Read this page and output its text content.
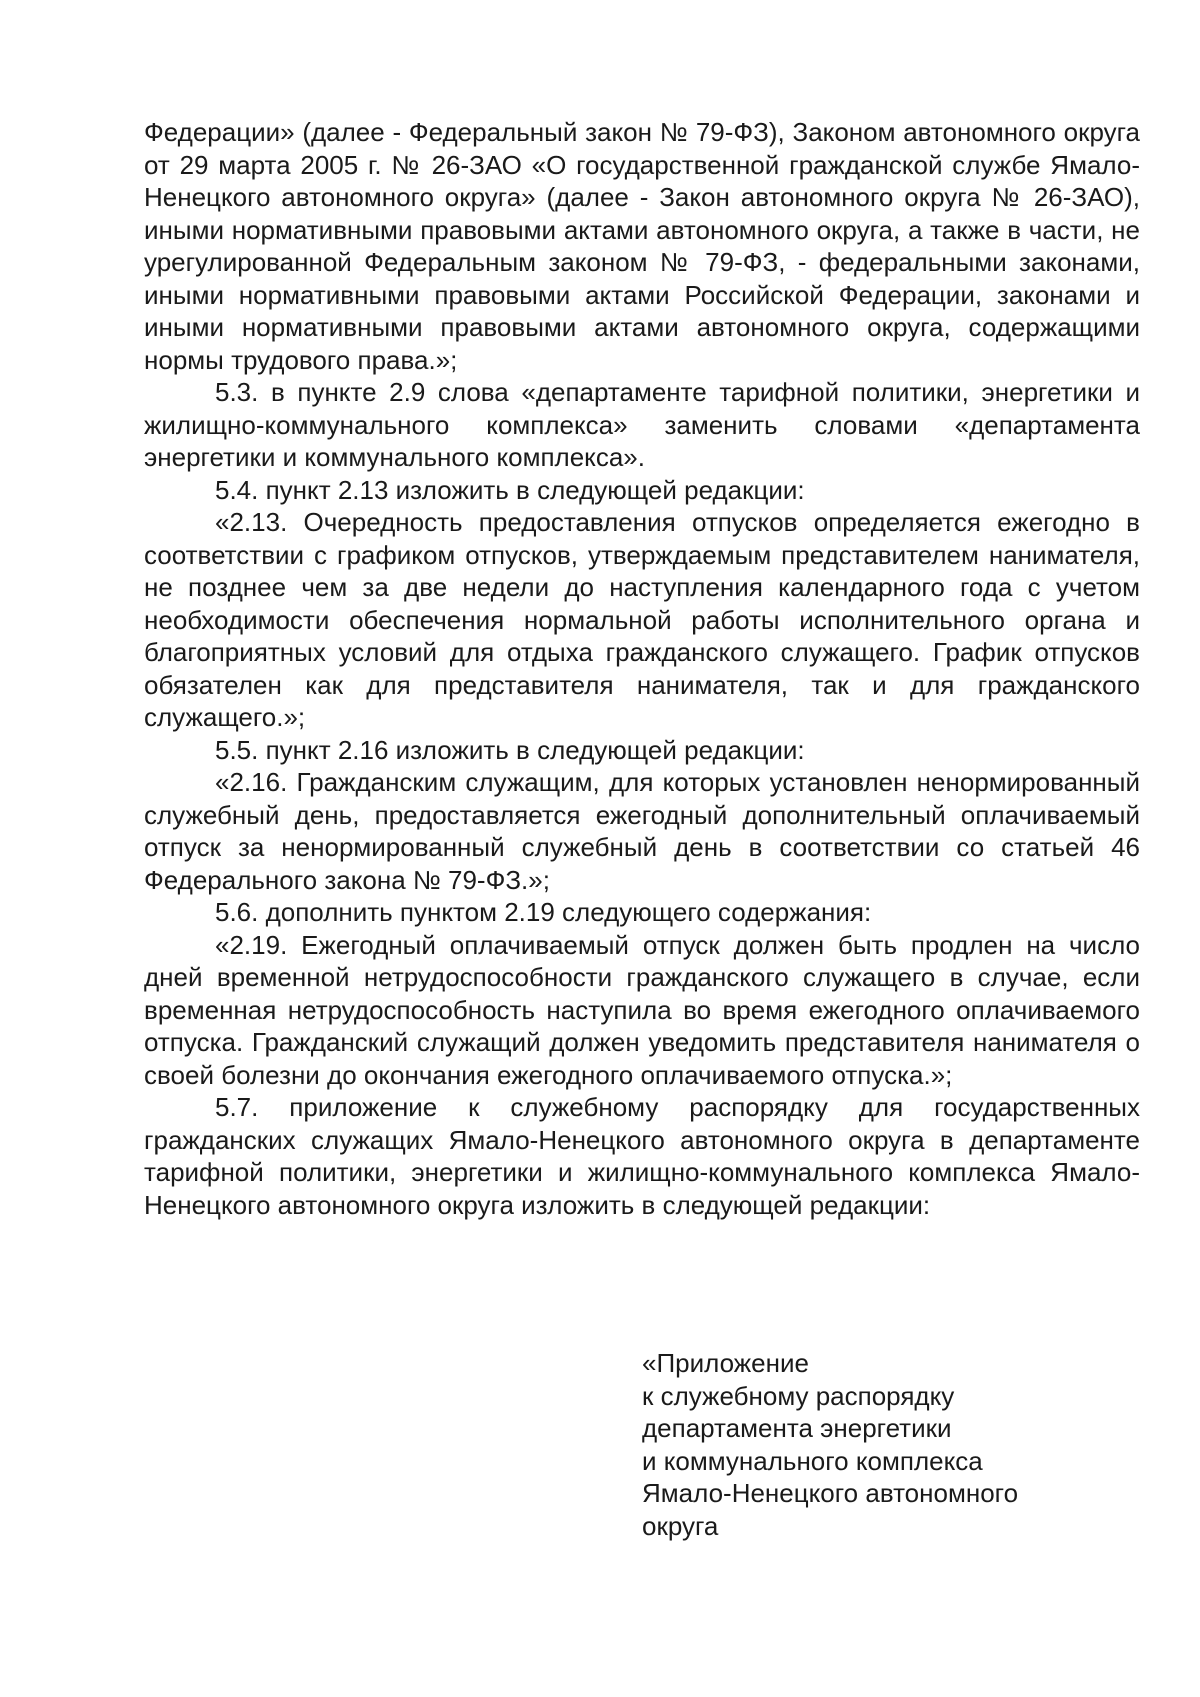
Федерации» (далее - Федеральный закон № 79-ФЗ), Законом автономного округа от 29 марта 2005 г. № 26-ЗАО «О государственной гражданской службе Ямало-Ненецкого автономного округа» (далее - Закон автономного округа № 26-ЗАО), иными нормативными правовыми актами автономного округа, а также в части, не урегулированной Федеральным законом № 79-ФЗ, - федеральными законами, иными нормативными правовыми актами Российской Федерации, законами и иными нормативными правовыми актами автономного округа, содержащими нормы трудового права.»;

5.3. в пункте 2.9 слова «департаменте тарифной политики, энергетики и жилищно-коммунального комплекса» заменить словами «департамента энергетики и коммунального комплекса».

5.4. пункт 2.13 изложить в следующей редакции:

«2.13. Очередность предоставления отпусков определяется ежегодно в соответствии с графиком отпусков, утверждаемым представителем нанимателя, не позднее чем за две недели до наступления календарного года с учетом необходимости обеспечения нормальной работы исполнительного органа и благоприятных условий для отдыха гражданского служащего. График отпусков обязателен как для представителя нанимателя, так и для гражданского служащего.»;

5.5. пункт 2.16 изложить в следующей редакции:

«2.16. Гражданским служащим, для которых установлен ненормированный служебный день, предоставляется ежегодный дополнительный оплачиваемый отпуск за ненормированный служебный день в соответствии со статьей 46 Федерального закона № 79-ФЗ.»;

5.6. дополнить пунктом 2.19 следующего содержания:

«2.19. Ежегодный оплачиваемый отпуск должен быть продлен на число дней временной нетрудоспособности гражданского служащего в случае, если временная нетрудоспособность наступила во время ежегодного оплачиваемого отпуска. Гражданский служащий должен уведомить представителя нанимателя о своей болезни до окончания ежегодного оплачиваемого отпуска.»;

5.7. приложение к служебному распорядку для государственных гражданских служащих Ямало-Ненецкого автономного округа в департаменте тарифной политики, энергетики и жилищно-коммунального комплекса Ямало-Ненецкого автономного округа изложить в следующей редакции:

«Приложение
к служебному распорядку
департамента энергетики
и коммунального комплекса
Ямало-Ненецкого автономного
округа
